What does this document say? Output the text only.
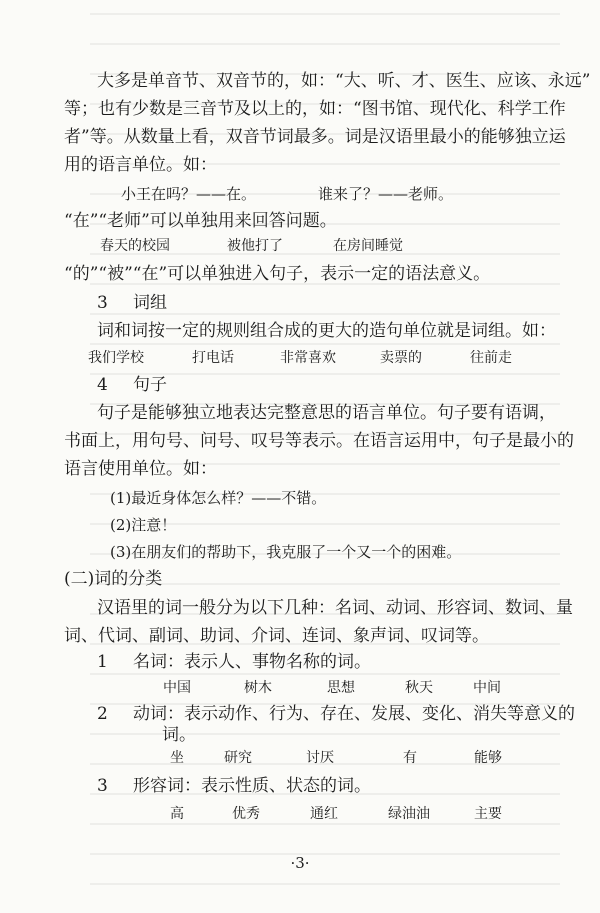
大多是单音节、双音节的，如：“大、听、才、医生、应该、永远”
等；也有少数是三音节及以上的，如：“图书馆、现代化、科学工作
者”等。从数量上看，双音节词最多。词是汉语里最小的能够独立运
用的语言单位。如：
小王在吗？——在。	谁来了？——老师。
“在”“老师”可以单独用来回答问题。
春天的校园	被他打了	在房间睡觉
“的”“被”“在”可以单独进入句子，表示一定的语法意义。
3 词组
词和词按一定的规则组合成的更大的造句单位就是词组。如：
我们学校	打电话	非常喜欢	卖票的	往前走
4 句子
句子是能够独立地表达完整意思的语言单位。句子要有语调，
书面上，用句号、问号、叹号等表示。在语言运用中，句子是最小的
语言使用单位。如：
(1)最近身体怎么样？——不错。
(2)注意！
(3)在朋友们的帮助下，我克服了一个又一个的困难。
(二)词的分类
汉语里的词一般分为以下几种：名词、动词、形容词、数词、量
词、代词、副词、助词、介词、连词、象声词、叹词等。
1 名词：表示人、事物名称的词。
中国	树木	思想	秋天	中间
2 动词：表示动作、行为、存在、发展、变化、消失等意义的
词。
坐	研究	讨厌	有	能够
3 形容词：表示性质、状态的词。
高	优秀	通红	绿油油	主要
·3·
